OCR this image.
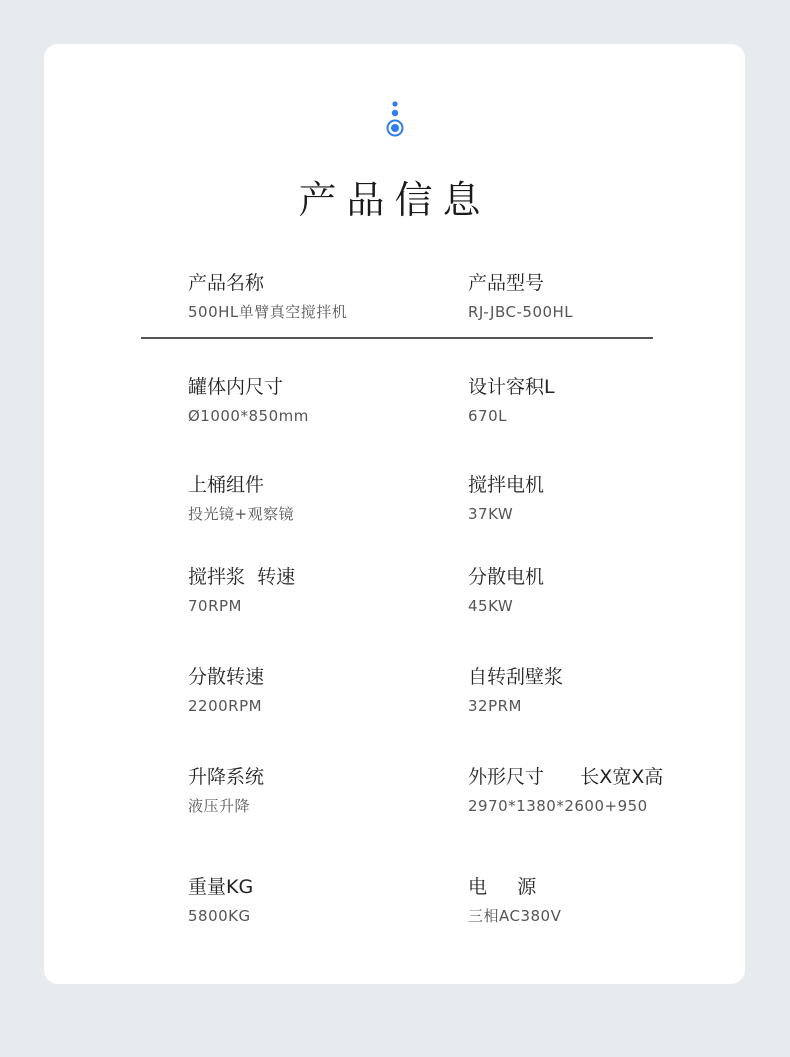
产品信息
产品名称
500HL单臂真空搅拌机
产品型号
RJ-JBC-500HL
罐体内尺寸
Ø1000*850mm
设计容积L
670L
上桶组件
投光镜+观察镜
搅拌电机
37KW
搅拌浆  转速
70RPM
分散电机
45KW
分散转速
2200RPM
自转刮壁浆
32PRM
升降系统
液压升降
外形尺寸      长X宽X高
2970*1380*2600+950
重量KG
5800KG
电     源
三相AC380V
